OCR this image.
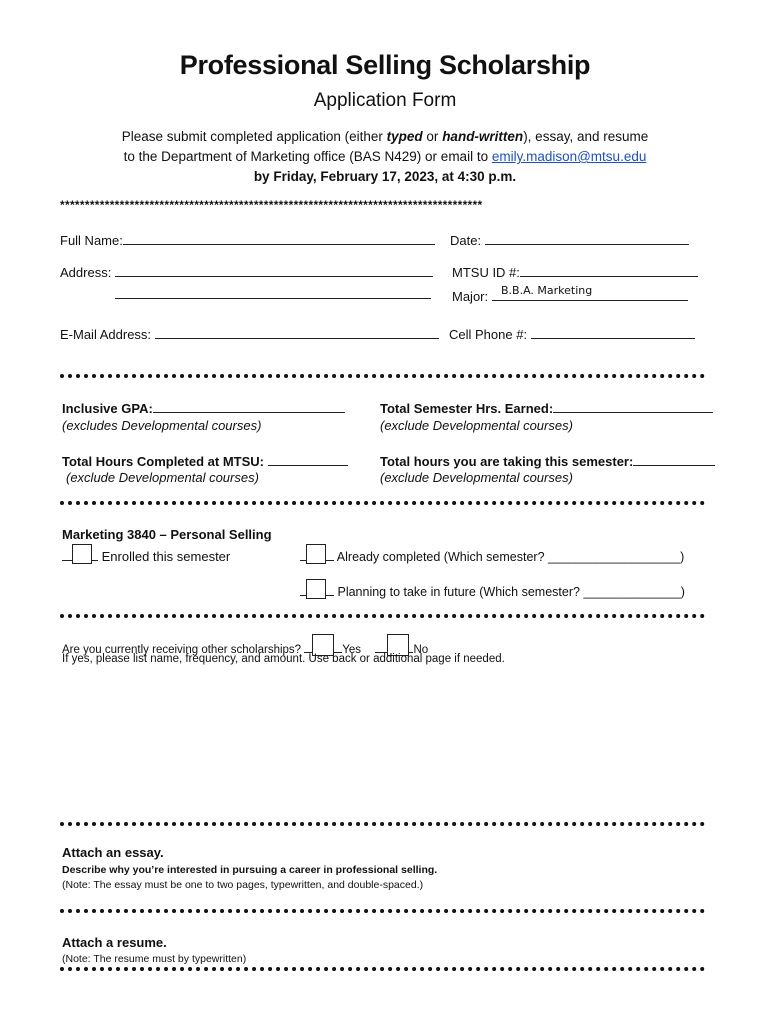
Professional Selling Scholarship
Application Form
Please submit completed application (either typed or hand-written), essay, and resume
to the Department of Marketing office (BAS N429) or email to emily.madison@mtsu.edu
by Friday, February 17, 2023, at 4:30 p.m.
*************************************************************************************
Full Name:	Date:
Address:	MTSU ID #:
Major:	B.B.A. Marketing
E-Mail Address:	Cell Phone #:
Inclusive GPA:
(excludes Developmental courses)
Total Semester Hrs. Earned:
(exclude Developmental courses)
Total Hours Completed at MTSU:
(exclude Developmental courses)
Total hours you are taking this semester:
(exclude Developmental courses)
Marketing 3840 – Personal Selling
Enrolled this semester	Already completed (Which semester? ___________________)
Planning to take in future (Which semester? ______________)
Are you currently receiving other scholarships?	Yes	No
If yes, please list name, frequency, and amount. Use back or additional page if needed.
Attach an essay.
Describe why you’re interested in pursuing a career in professional selling.
(Note: The essay must be one to two pages, typewritten, and double-spaced.)
Attach a resume.
(Note: The resume must by typewritten)
